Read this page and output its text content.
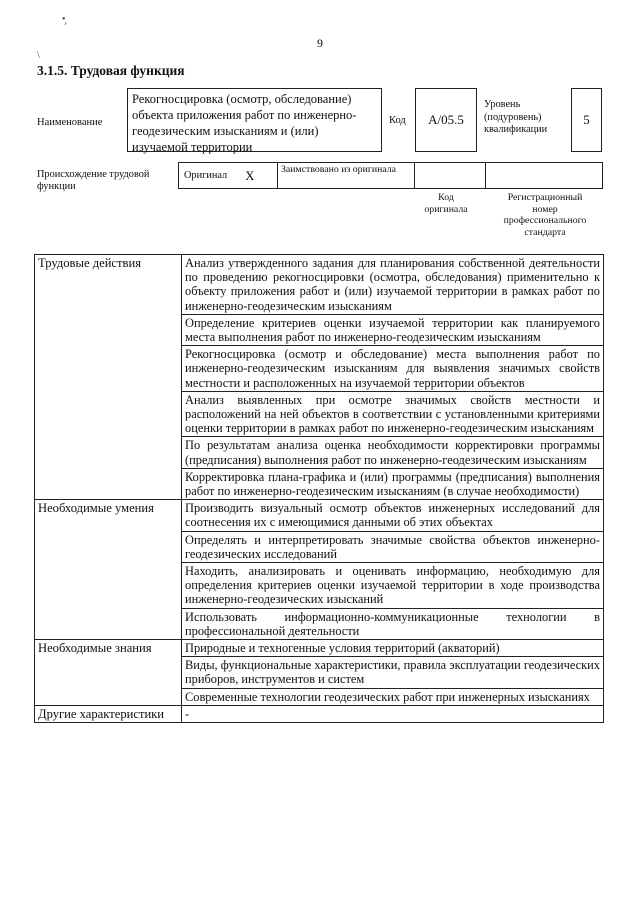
•̧
\
9
3.1.5. Трудовая функция
Наименование
Рекогносцировка (осмотр, обследование) объекта приложения работ по инженерно-геодезическим изысканиям и (или) изучаемой территории
Код A/05.5
Уровень (подуровень) квалификации
5
Происхождение трудовой функции
Оригинал X	Заимствовано из оригинала
Код оригинала
Регистрационный номер профессионального стандарта
Трудовые действия	Анализ утвержденного задания для планирования собственной деятельности по проведению рекогносцировки (осмотра, обследования) применительно к объекту приложения работ и (или) изучаемой территории в рамках работ по инженерно-геодезическим изысканиям
	Определение критериев оценки изучаемой территории как планируемого места выполнения работ по инженерно-геодезическим изысканиям
	Рекогносцировка (осмотр и обследование) места выполнения работ по инженерно-геодезическим изысканиям для выявления значимых свойств местности и расположенных на изучаемой территории объектов
	Анализ выявленных при осмотре значимых свойств местности и расположений на ней объектов в соответствии с установленными критериями оценки территории в рамках работ по инженерно-геодезическим изысканиям
	По результатам анализа оценка необходимости корректировки программы (предписания) выполнения работ по инженерно-геодезическим изысканиям
	Корректировка плана-графика и (или) программы (предписания) выполнения работ по инженерно-геодезическим изысканиям (в случае необходимости)
Необходимые умения	Производить визуальный осмотр объектов инженерных исследований для соотнесения их с имеющимися данными об этих объектах
	Определять и интерпретировать значимые свойства объектов инженерно-геодезических исследований
	Находить, анализировать и оценивать информацию, необходимую для определения критериев оценки изучаемой территории в ходе производства инженерно-геодезических изысканий
	Использовать информационно-коммуникационные технологии в профессиональной деятельности
Необходимые знания	Природные и техногенные условия территорий (акваторий)
	Виды, функциональные характеристики, правила эксплуатации геодезических приборов, инструментов и систем
	Современные технологии геодезических работ при инженерных изысканиях
Другие характеристики	-
